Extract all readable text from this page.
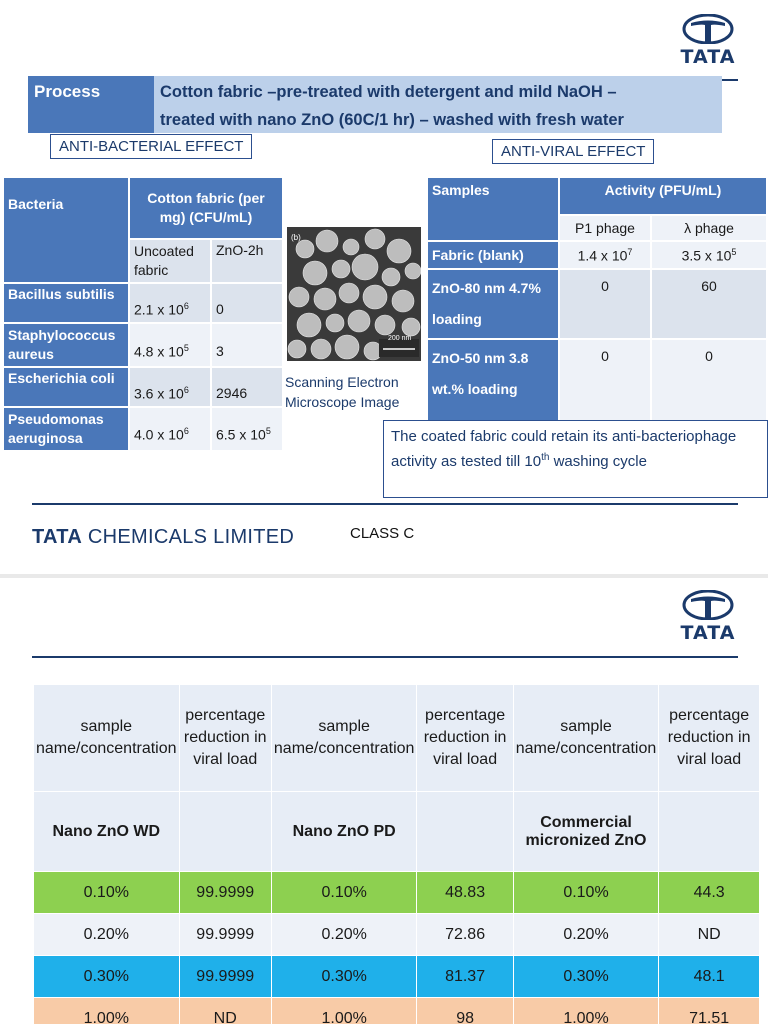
TATA
Process	Cotton fabric –pre-treated with detergent and mild NaOH –
treated with nano ZnO (60C/1 hr) – washed with fresh water
ANTI-BACTERIAL EFFECT	ANTI-VIRAL EFFECT
Bacteria	Cotton fabric (per mg) (CFU/mL)	
	Uncoated fabric	ZnO-2h
Bacillus subtilis	2.1 x $10^6$	0
Staphylococcus aureus	4.8 x $10^5$	3
Escherichia coli	3.6 x $10^6$	2946
Pseudomonas aeruginosa	4.0 x $10^6$	6.5 x $10^5$
(b)
200 nm
Scanning Electron Microscope Image
Samples	Activity (PFU/mL)	
	P1 phage	λ phage
Fabric (blank)	1.4 x $10^7$	3.5 x $10^5$
ZnO-80 nm 4.7% loading	0	60
ZnO-50 nm 3.8 wt.% loading	0	0
The coated fabric could retain its anti-bacteriophage activity as tested till 10th washing cycle
TATA CHEMICALS LIMITED	CLASS C
TATA
sample name/concentration	percentage reduction in viral load	sample name/concentration	percentage reduction in viral load	sample name/concentration	percentage reduction in viral load
Nano ZnO WD		Nano ZnO PD		Commercial micronized ZnO	
0.10%	99.9999	0.10%	48.83	0.10%	44.3
0.20%	99.9999	0.20%	72.86	0.20%	ND
0.30%	99.9999	0.30%	81.37	0.30%	48.1
1.00%	ND	1.00%	98	1.00%	71.51
